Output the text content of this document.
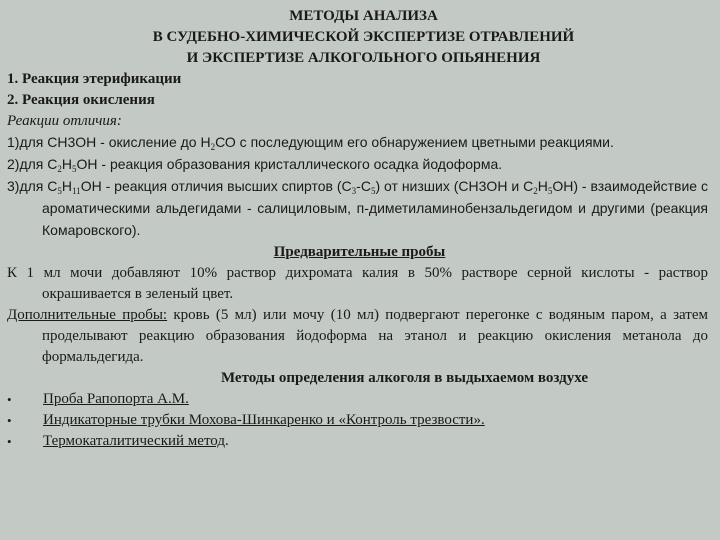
МЕТОДЫ АНАЛИЗА
В СУДЕБНО-ХИМИЧЕСКОЙ ЭКСПЕРТИЗЕ ОТРАВЛЕНИЙ
И ЭКСПЕРТИЗЕ АЛКОГОЛЬНОГО ОПЬЯНЕНИЯ
1. Реакция этерификации
2. Реакция окисления
Реакции отличия:
1)для СН3ОН - окисление до $Н_2СО$ с последующим его обнаружением цветными реакциями.
2)для $С_2Н_5ОН$ - реакция образования кристаллического осадка йодоформа.
3)для $С_5Н_{11}ОН$ - реакция отличия высших спиртов $(С_3-С_5)$ от низших (СН3ОН и $С_2Н_5ОН$) - взаимодействие с ароматическими альдегидами - салициловым, п-диметиламинобензальдегидом и другими (реакция Комаровского).
Предварительные пробы
К 1 мл мочи добавляют 10% раствор дихромата калия в 50% растворе серной кислоты - раствор окрашивается в зеленый цвет.
Дополнительные пробы: кровь (5 мл) или мочу (10 мл) подвергают перегонке с водяным паром, а затем проделывают реакцию образования йодоформа на этанол и реакцию окисления метанола до формальдегида.
Методы определения алкоголя в выдыхаемом воздухе
•	Проба Рапопорта А.М.
•	Индикаторные трубки Мохова-Шинкаренко и «Контроль трезвости».
•	Термокаталитический метод.
